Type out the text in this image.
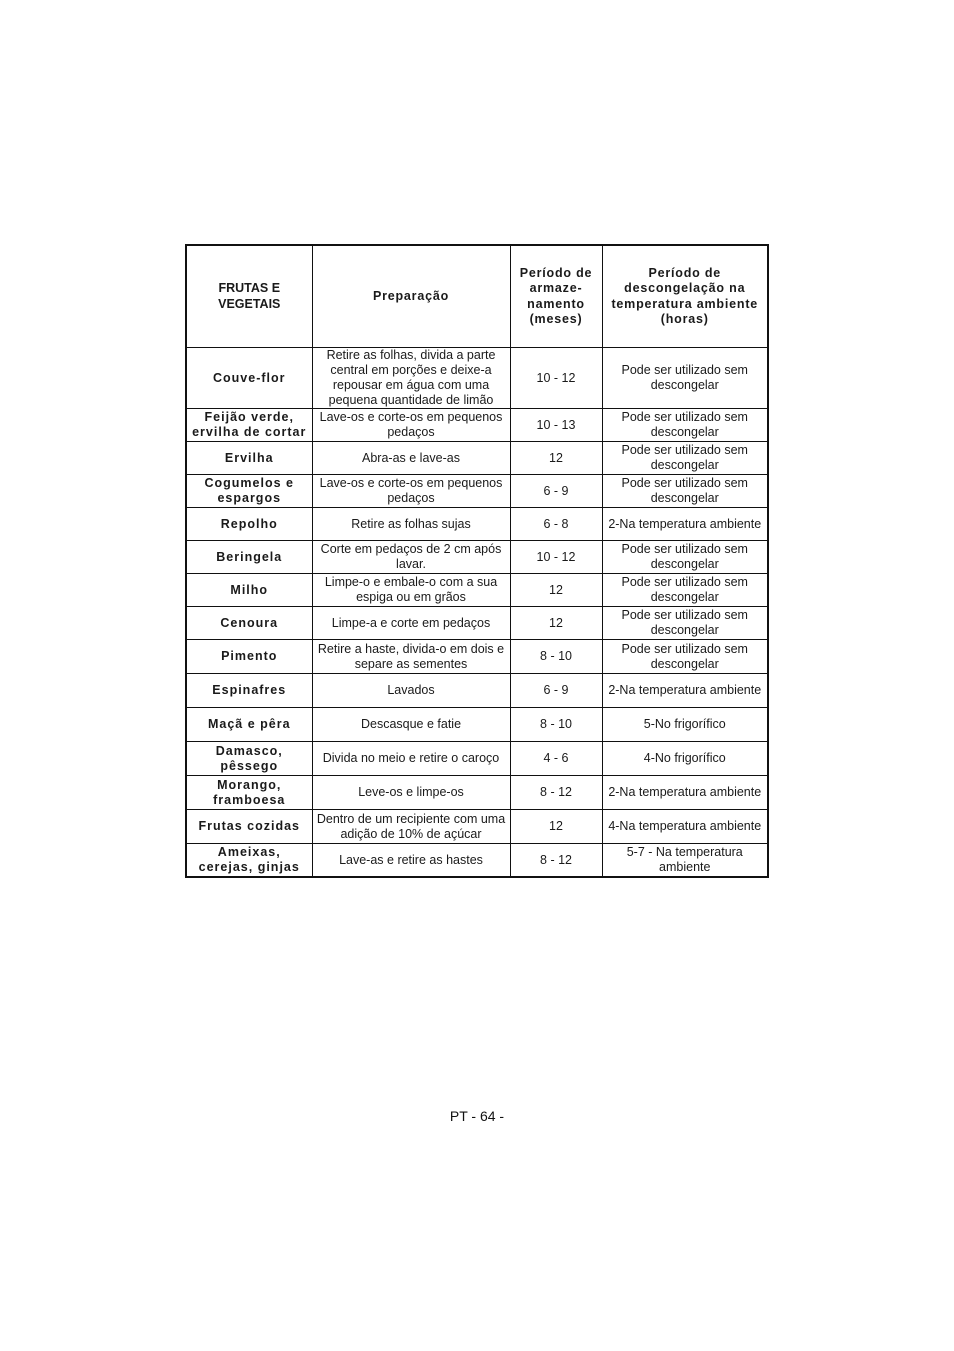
FRUTAS E VEGETAIS	Preparação	Período de armaze-namento (meses)	Período de descongelação na temperatura ambiente (horas)
Couve-flor	Retire as folhas, divida a parte central em porções e deixe-a repousar em água com uma pequena quantidade de limão	10 - 12	Pode ser utilizado sem descongelar
Feijão verde, ervilha de cortar	Lave-os e corte-os em pequenos pedaços	10 - 13	Pode ser utilizado sem descongelar
Ervilha	Abra-as e lave-as	12	Pode ser utilizado sem descongelar
Cogumelos e espargos	Lave-os e corte-os em pequenos pedaços	6 - 9	Pode ser utilizado sem descongelar
Repolho	Retire as folhas sujas	6 - 8	2-Na temperatura ambiente
Beringela	Corte em pedaços de 2 cm após lavar.	10 - 12	Pode ser utilizado sem descongelar
Milho	Limpe-o e embale-o com a sua espiga ou em grãos	12	Pode ser utilizado sem descongelar
Cenoura	Limpe-a e corte em pedaços	12	Pode ser utilizado sem descongelar
Pimento	Retire a haste, divida-o em dois e separe as sementes	8 - 10	Pode ser utilizado sem descongelar
Espinafres	Lavados	6 - 9	2-Na temperatura ambiente
Maçã e pêra	Descasque e fatie	8 - 10	5-No frigorífico
Damasco, pêssego	Divida no meio e retire o caroço	4 - 6	4-No frigorífico
Morango, framboesa	Leve-os e limpe-os	8 - 12	2-Na temperatura ambiente
Frutas cozidas	Dentro de um recipiente com uma adição de 10% de açúcar	12	4-Na temperatura ambiente
Ameixas, cerejas, ginjas	Lave-as e retire as hastes	8 - 12	5-7 - Na temperatura ambiente
PT - 64 -
